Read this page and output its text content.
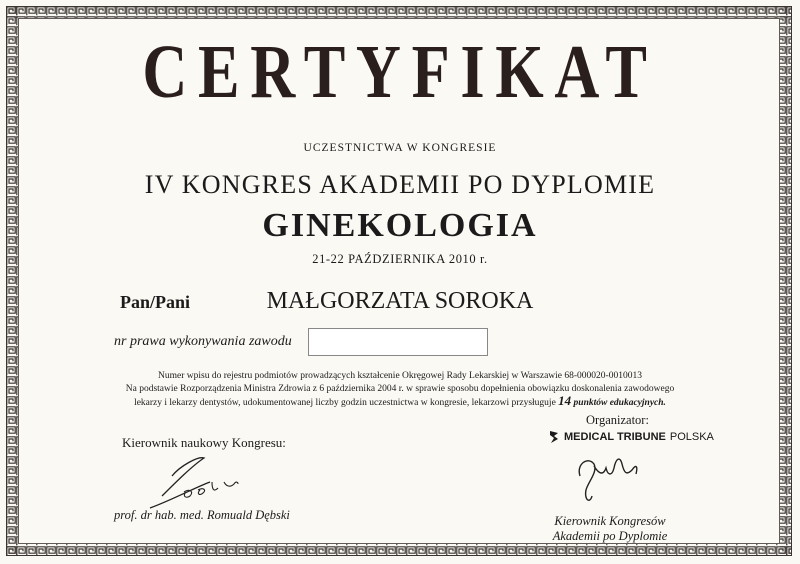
CERTYFIKAT
UCZESTNICTWA W KONGRESIE
IV KONGRES AKADEMII PO DYPLOMIE
GINEKOLOGIA
21-22 PAŹDZIERNIKA 2010 r.
Pan/Pani	MAŁGORZATA SOROKA
nr prawa wykonywania zawodu
Numer wpisu do rejestru podmiotów prowadzących kształcenie Okręgowej Rady Lekarskiej w Warszawie 68-000020-0010013
Na podstawie Rozporządzenia Ministra Zdrowia z 6 października 2004 r. w sprawie sposobu dopełnienia obowiązku doskonalenia zawodowego
lekarzy i lekarzy dentystów, udokumentowanej liczby godzin uczestnictwa w kongresie, lekarzowi przysługuje 14 punktów edukacyjnych.
Kierownik naukowy Kongresu:
prof. dr hab. med. Romuald Dębski
Organizator:
MEDICAL TRIBUNE POLSKA
Kierownik Kongresów
Akademii po Dyplomie
